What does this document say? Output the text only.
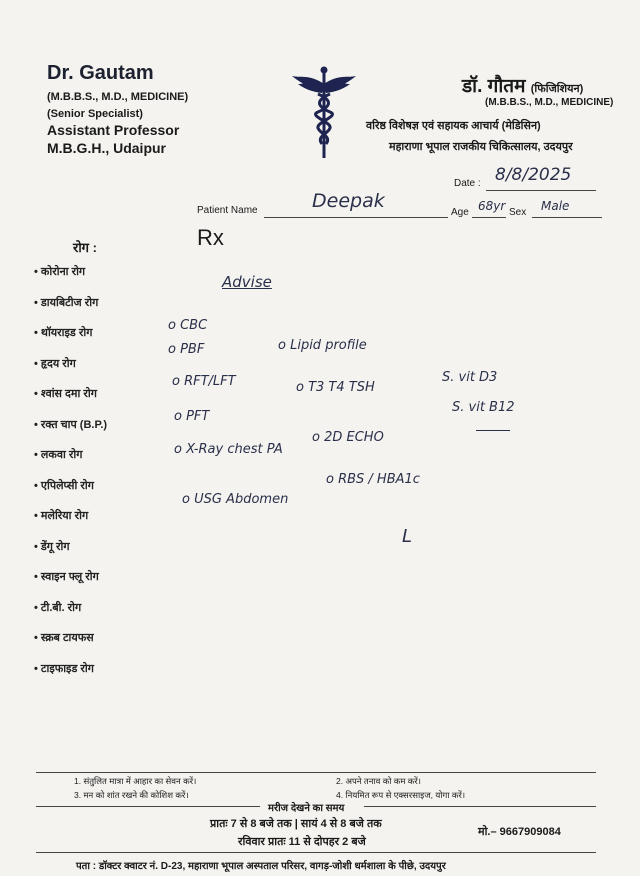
Dr. Gautam
(M.B.B.S., M.D., MEDICINE)
(Senior Specialist)
Assistant Professor
M.B.G.H., Udaipur
डॉ. गौतम (फिजिशियन)
(M.B.B.S., M.D., MEDICINE)
वरिष्ठ विशेषज्ञ एवं सहायक आचार्य (मेडिसिन)
महाराणा भूपाल राजकीय चिकित्सालय, उदयपुर
Date : 8/8/2025
Patient Name	Deepak
Age 68yr Sex Male
Rx
रोग :
• कोरोना रोग
• डायबिटीज रोग
• थॉयराइड रोग
• हृदय रोग
• श्वांस दमा रोग
• रक्त चाप (B.P.)
• लकवा रोग
• एपिलेप्सी रोग
• मलेरिया रोग
• डेंगू रोग
• स्वाइन फ्लू रोग
• टी.बी. रोग
• स्क्रब टायफस
• टाइफाइड रोग
Advise
o CBC
o PBF	o Lipid profile
o RFT/LFT	o T3 T4 TSH
S. vit D3
o PFT
S. vit B12
o 2D ECHO
o X-Ray chest PA
o RBS / HBA1c
o USG Abdomen
L
1. संतुलित मात्रा में आहार का सेवन करें।	2. अपने तनाव को कम करें।
3. मन को शांत रखने की कोशिश करें।	4. नियमित रूप से एक्सरसाइज, योगा करें।
मरीज देखने का समय
प्रातः 7 से 8 बजे तक | सायं 4 से 8 बजे तक
रविवार प्रातः 11 से दोपहर 2 बजे
मो.– 9667909084
पता : डॉक्टर क्वाटर नं. D-23, महाराणा भूपाल अस्पताल परिसर, वागड़-जोशी धर्मशाला के पीछे, उदयपुर
